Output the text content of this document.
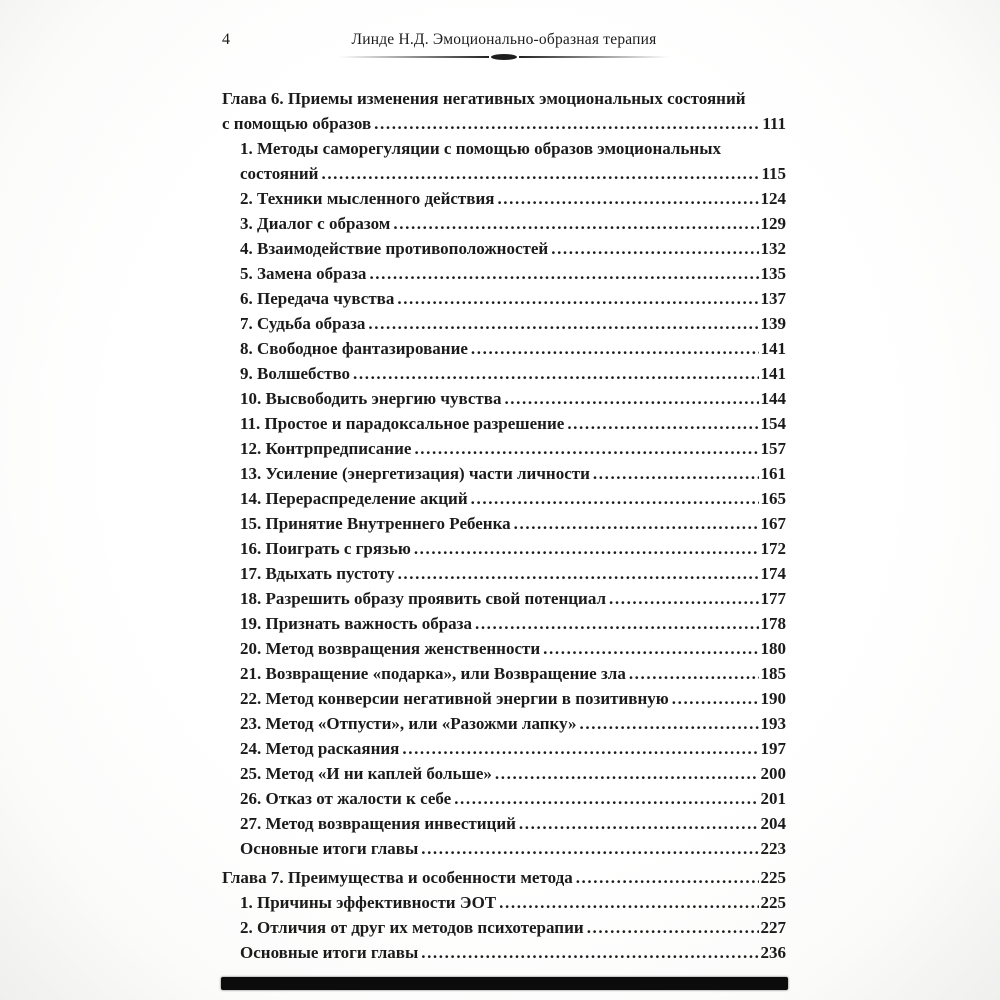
4	Линде Н.Д. Эмоционально-образная терапия
Глава 6. Приемы изменения негативных эмоциональных состояний
с помощью образов .....	111
1. Методы саморегуляции с помощью образов эмоциональных
состояний .....	115
2. Техники мысленного действия .....	124
3. Диалог с образом .....	129
4. Взаимодействие противоположностей .....	132
5. Замена образа .....	135
6. Передача чувства .....	137
7. Судьба образа .....	139
8. Свободное фантазирование .....	141
9. Волшебство .....	141
10. Высвободить энергию чувства .....	144
11. Простое и парадоксальное разрешение .....	154
12. Контрпредписание .....	157
13. Усиление (энергетизация) части личности .....	161
14. Перераспределение акций .....	165
15. Принятие Внутреннего Ребенка .....	167
16. Поиграть с грязью .....	172
17. Вдыхать пустоту .....	174
18. Разрешить образу проявить свой потенциал .....	177
19. Признать важность образа .....	178
20. Метод возвращения женственности .....	180
21. Возвращение «подарка», или Возвращение зла .....	185
22. Метод конверсии негативной энергии в позитивную .....	190
23. Метод «Отпусти», или «Разожми лапку» .....	193
24. Метод раскаяния .....	197
25. Метод «И ни каплей больше» .....	200
26. Отказ от жалости к себе .....	201
27. Метод возвращения инвестиций .....	204
Основные итоги главы .....	223
Глава 7. Преимущества и особенности метода .....	225
1. Причины эффективности ЭОТ .....	225
2. Отличия от друг их методов психотерапии .....	227
Основные итоги главы .....	236
